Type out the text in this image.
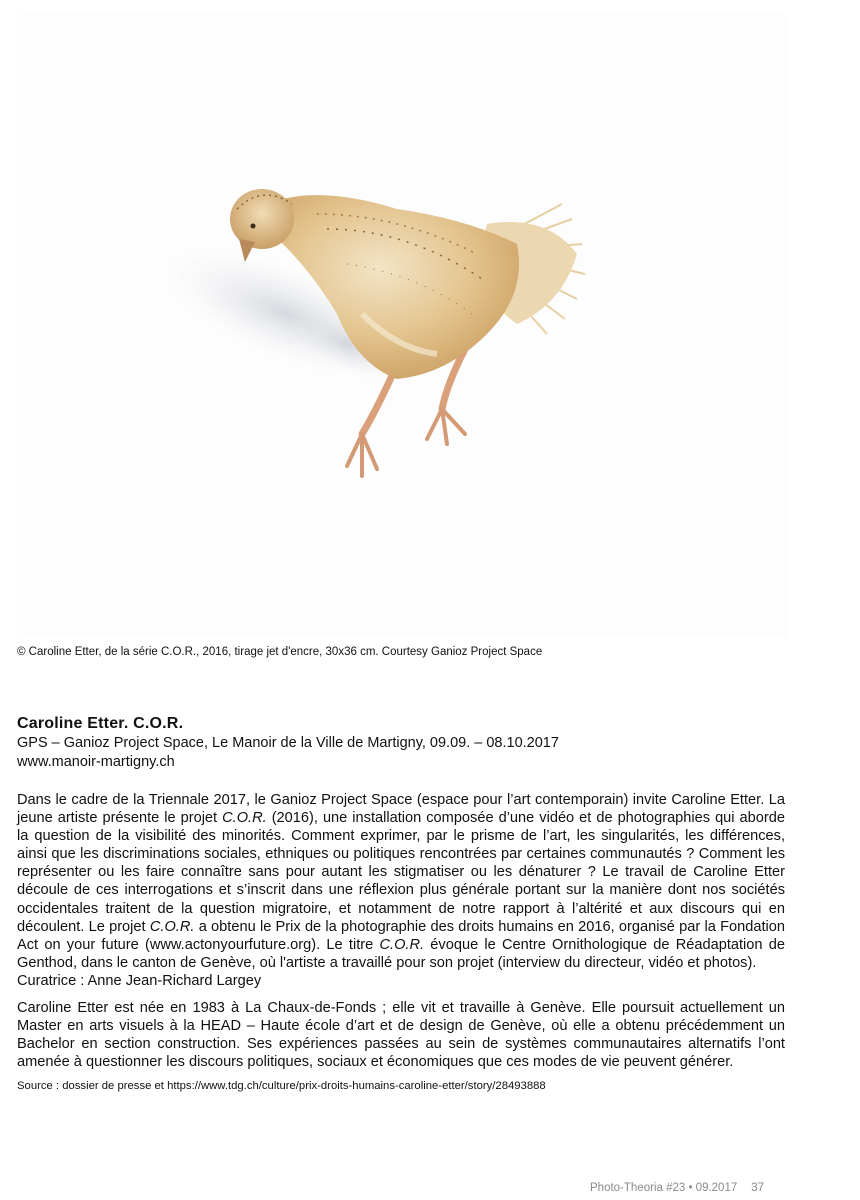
© Caroline Etter, de la série C.O.R., 2016, tirage jet d'encre, 30x36 cm. Courtesy Ganioz Project Space
Caroline Etter. C.O.R.

GPS – Ganioz Project Space, Le Manoir de la Ville de Martigny, 09.09. – 08.10.2017

www.manoir-martigny.ch

Dans le cadre de la Triennale 2017, le Ganioz Project Space (espace pour l’art contemporain) invite Caroline Etter. La jeune artiste présente le projet C.O.R. (2016), une installation composée d’une vidéo et de photographies qui aborde la question de la visibilité des minorités. Comment exprimer, par le prisme de l’art, les singularités, les différences, ainsi que les discriminations sociales, ethniques ou politiques rencontrées par certaines communautés ? Comment les représenter ou les faire connaître sans pour autant les stigmatiser ou les dénaturer ? Le travail de Caroline Etter découle de ces interrogations et s’inscrit dans une réflexion plus générale portant sur la manière dont nos sociétés occidentales traitent de la question migratoire, et notamment de notre rapport à l’altérité et aux discours qui en découlent. Le projet C.O.R. a obtenu le Prix de la photographie des droits humains en 2016, organisé par la Fondation Act on your future (www.actonyourfuture.org). Le titre C.O.R. évoque le Centre Ornithologique de Réadaptation de Genthod, dans le canton de Genève, où l'artiste a travaillé pour son projet (interview du directeur, vidéo et photos).
Curatrice : Anne Jean-Richard Largey

Caroline Etter est née en 1983 à La Chaux-de-Fonds ; elle vit et travaille à Genève. Elle poursuit actuellement un Master en arts visuels à la HEAD – Haute école d’art et de design de Genève, où elle a obtenu précédemment un Bachelor en section construction. Ses expériences passées au sein de systèmes communautaires alternatifs l’ont amenée à questionner les discours politiques, sociaux et économiques que ces modes de vie peuvent générer.

Source : dossier de presse et https://www.tdg.ch/culture/prix-droits-humains-caroline-etter/story/28493888

Photo-Theoria #23 • 09.2017 37
